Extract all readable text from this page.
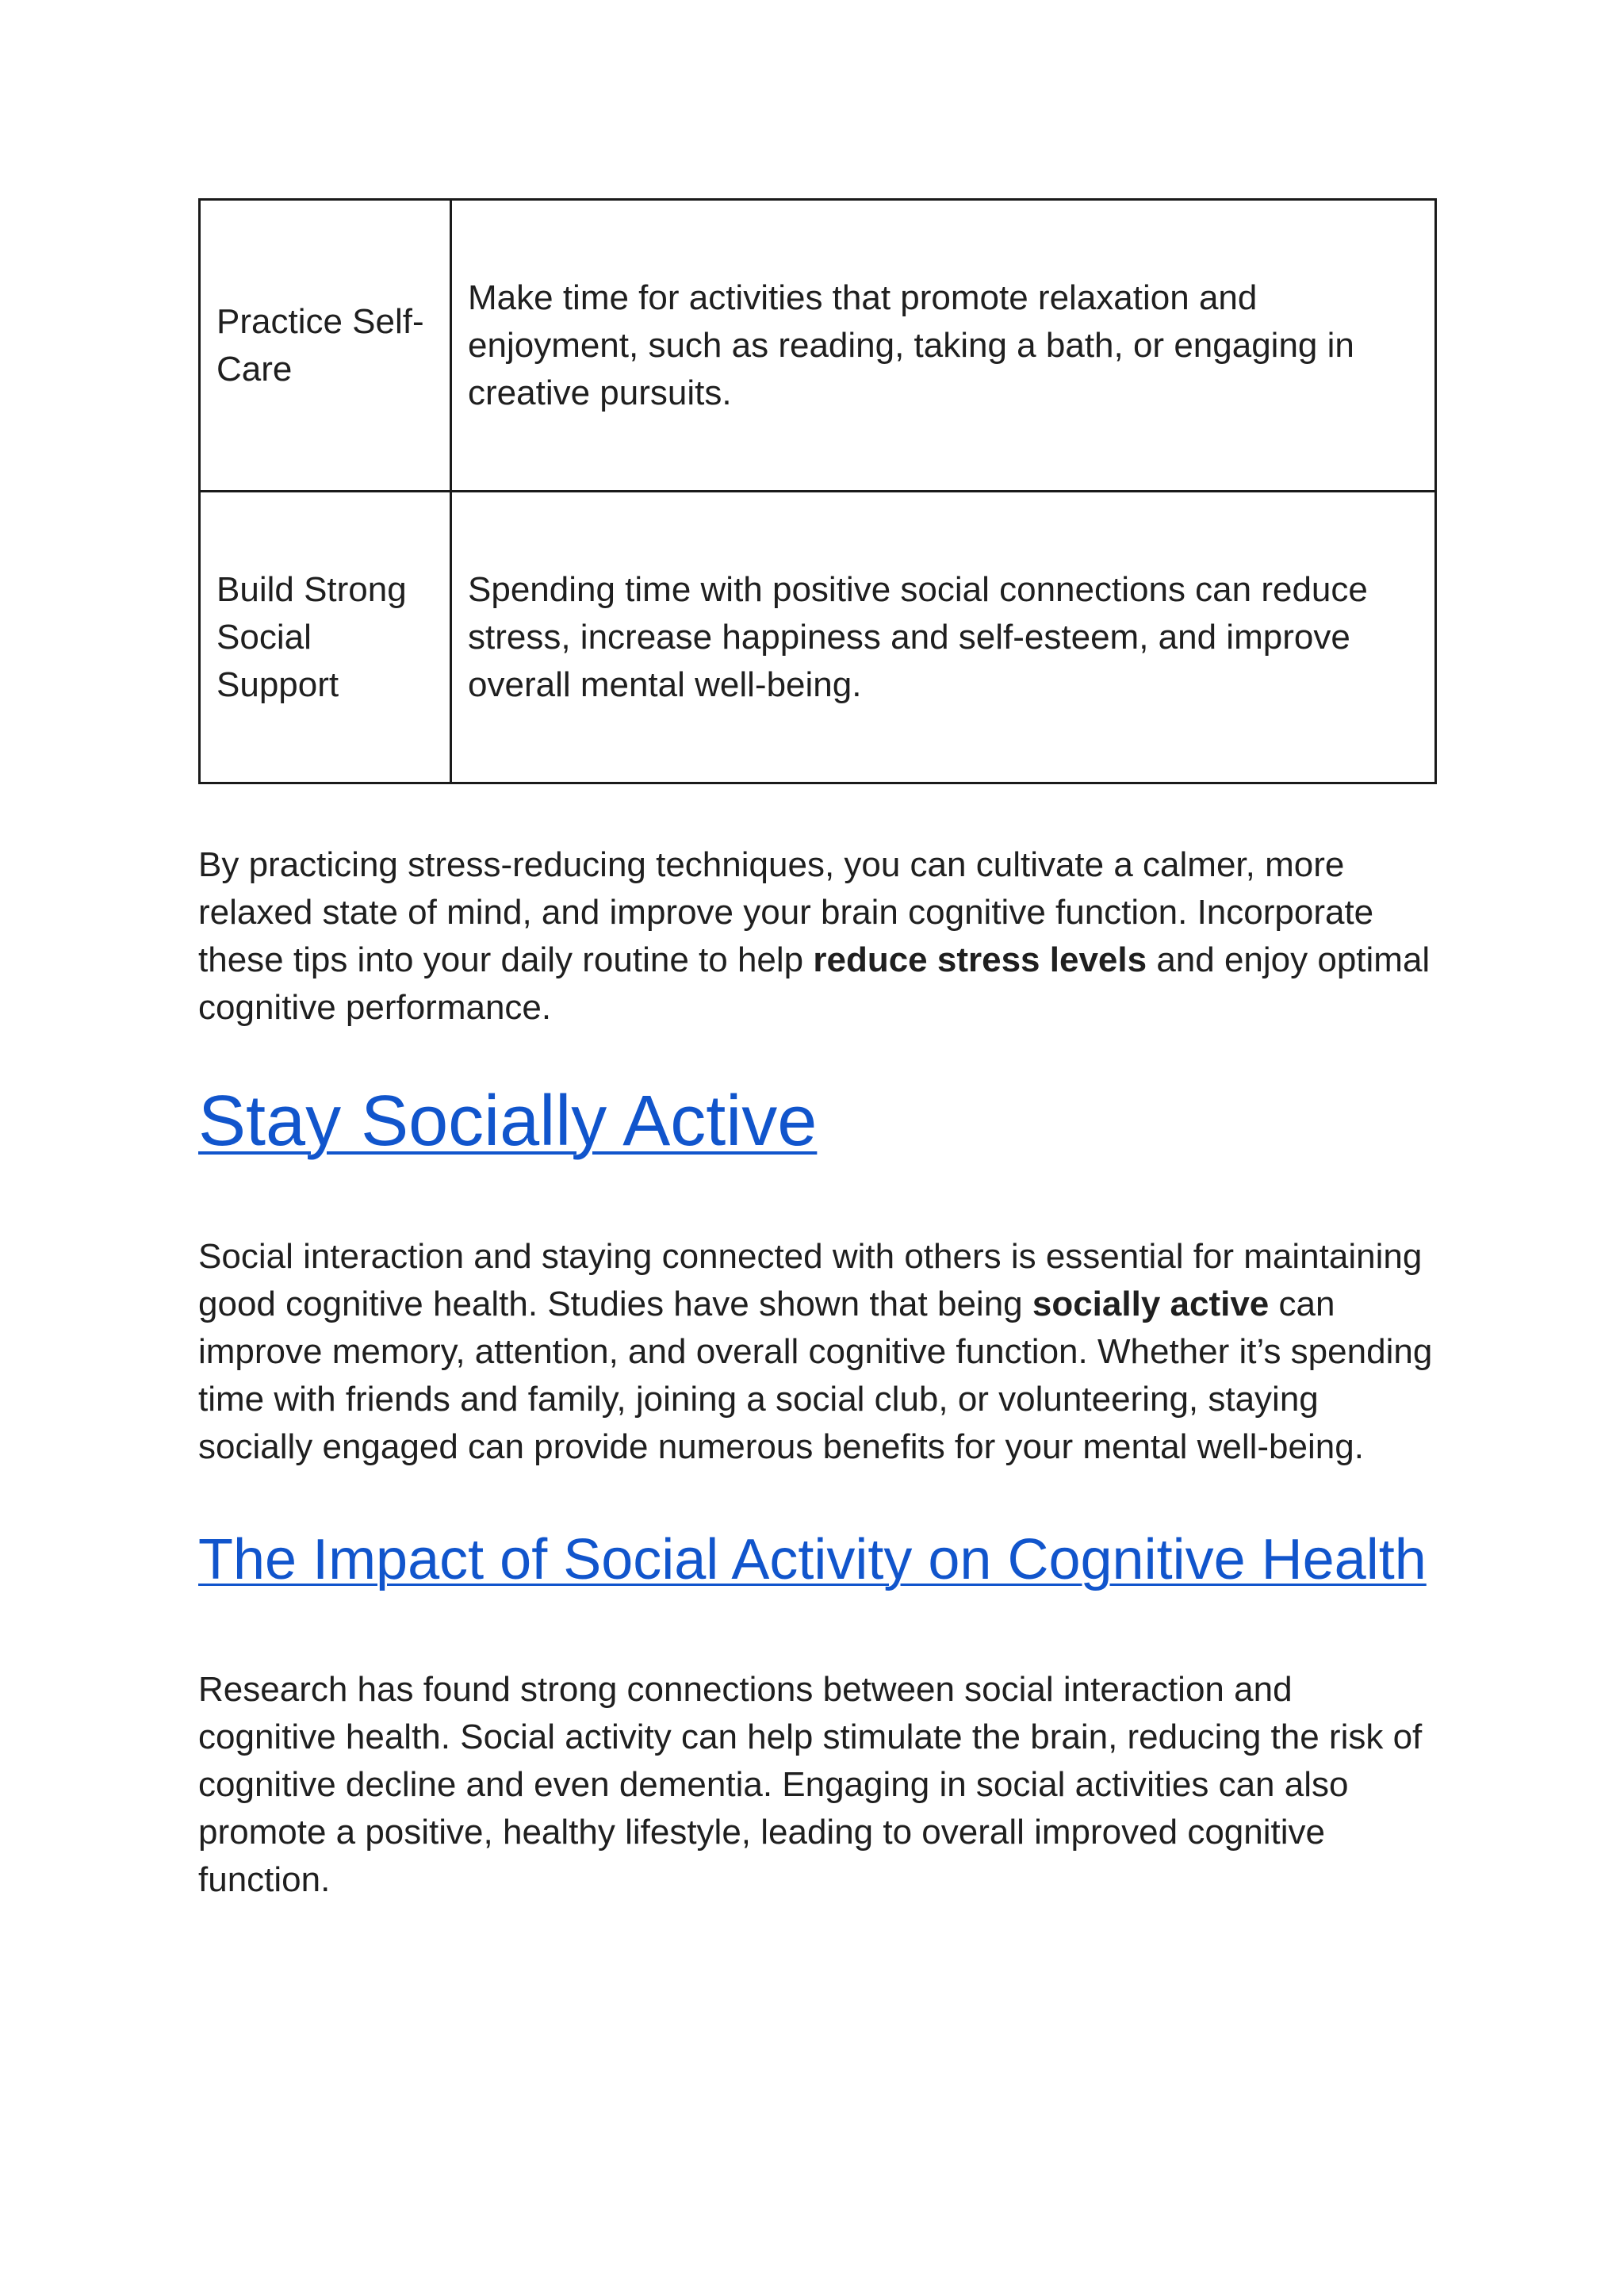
Practice Self-Care	Make time for activities that promote relaxation and enjoyment, such as reading, taking a bath, or engaging in creative pursuits.
Build Strong Social Support	Spending time with positive social connections can reduce stress, increase happiness and self-esteem, and improve overall mental well-being.

By practicing stress-reducing techniques, you can cultivate a calmer, more relaxed state of mind, and improve your brain cognitive function. Incorporate these tips into your daily routine to help reduce stress levels and enjoy optimal cognitive performance.

Stay Socially Active

Social interaction and staying connected with others is essential for maintaining good cognitive health. Studies have shown that being socially active can improve memory, attention, and overall cognitive function. Whether it’s spending time with friends and family, joining a social club, or volunteering, staying socially engaged can provide numerous benefits for your mental well-being.

The Impact of Social Activity on Cognitive Health

Research has found strong connections between social interaction and cognitive health. Social activity can help stimulate the brain, reducing the risk of cognitive decline and even dementia. Engaging in social activities can also promote a positive, healthy lifestyle, leading to overall improved cognitive function.
